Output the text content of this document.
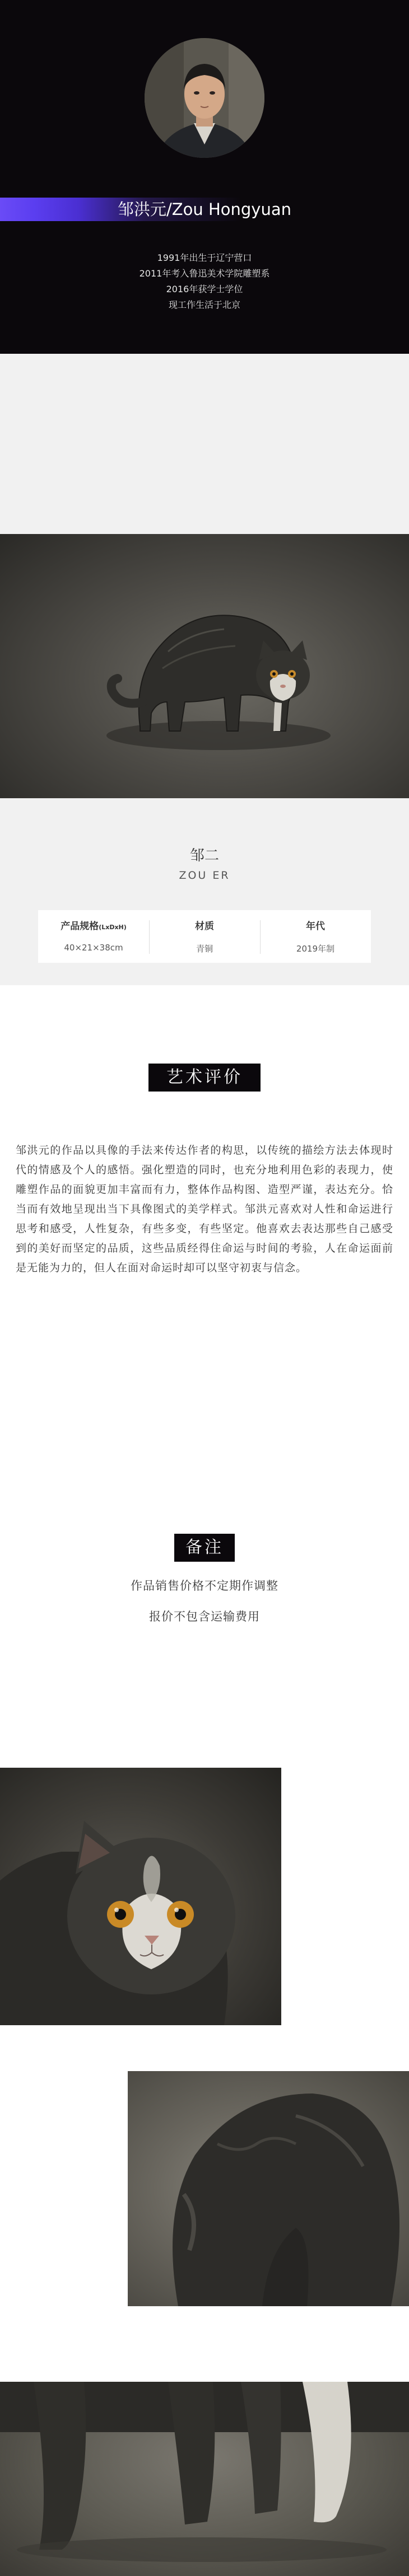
邹洪元/Zou Hongyuan
1991年出生于辽宁营口
2011年考入鲁迅美术学院雕塑系
2016年获学士学位
现工作生活于北京
邹二
ZOU ER
产品规格(LxDxH)
40×21×38cm
材质
青铜
年代
2019年制
艺术评价
邹洪元的作品以具像的手法来传达作者的构思，以传统的描绘方法去体现时代的情感及个人的感悟。强化塑造的同时，也充分地利用色彩的表现力，使雕塑作品的面貌更加丰富而有力，整体作品构图、造型严谨，表达充分。恰当而有效地呈现出当下具像图式的美学样式。邹洪元喜欢对人性和命运进行思考和感受，人性复杂，有些多变，有些坚定。他喜欢去表达那些自己感受到的美好而坚定的品质，这些品质经得住命运与时间的考验，人在命运面前是无能为力的，但人在面对命运时却可以坚守初衷与信念。
备注
作品销售价格不定期作调整
报价不包含运输费用
